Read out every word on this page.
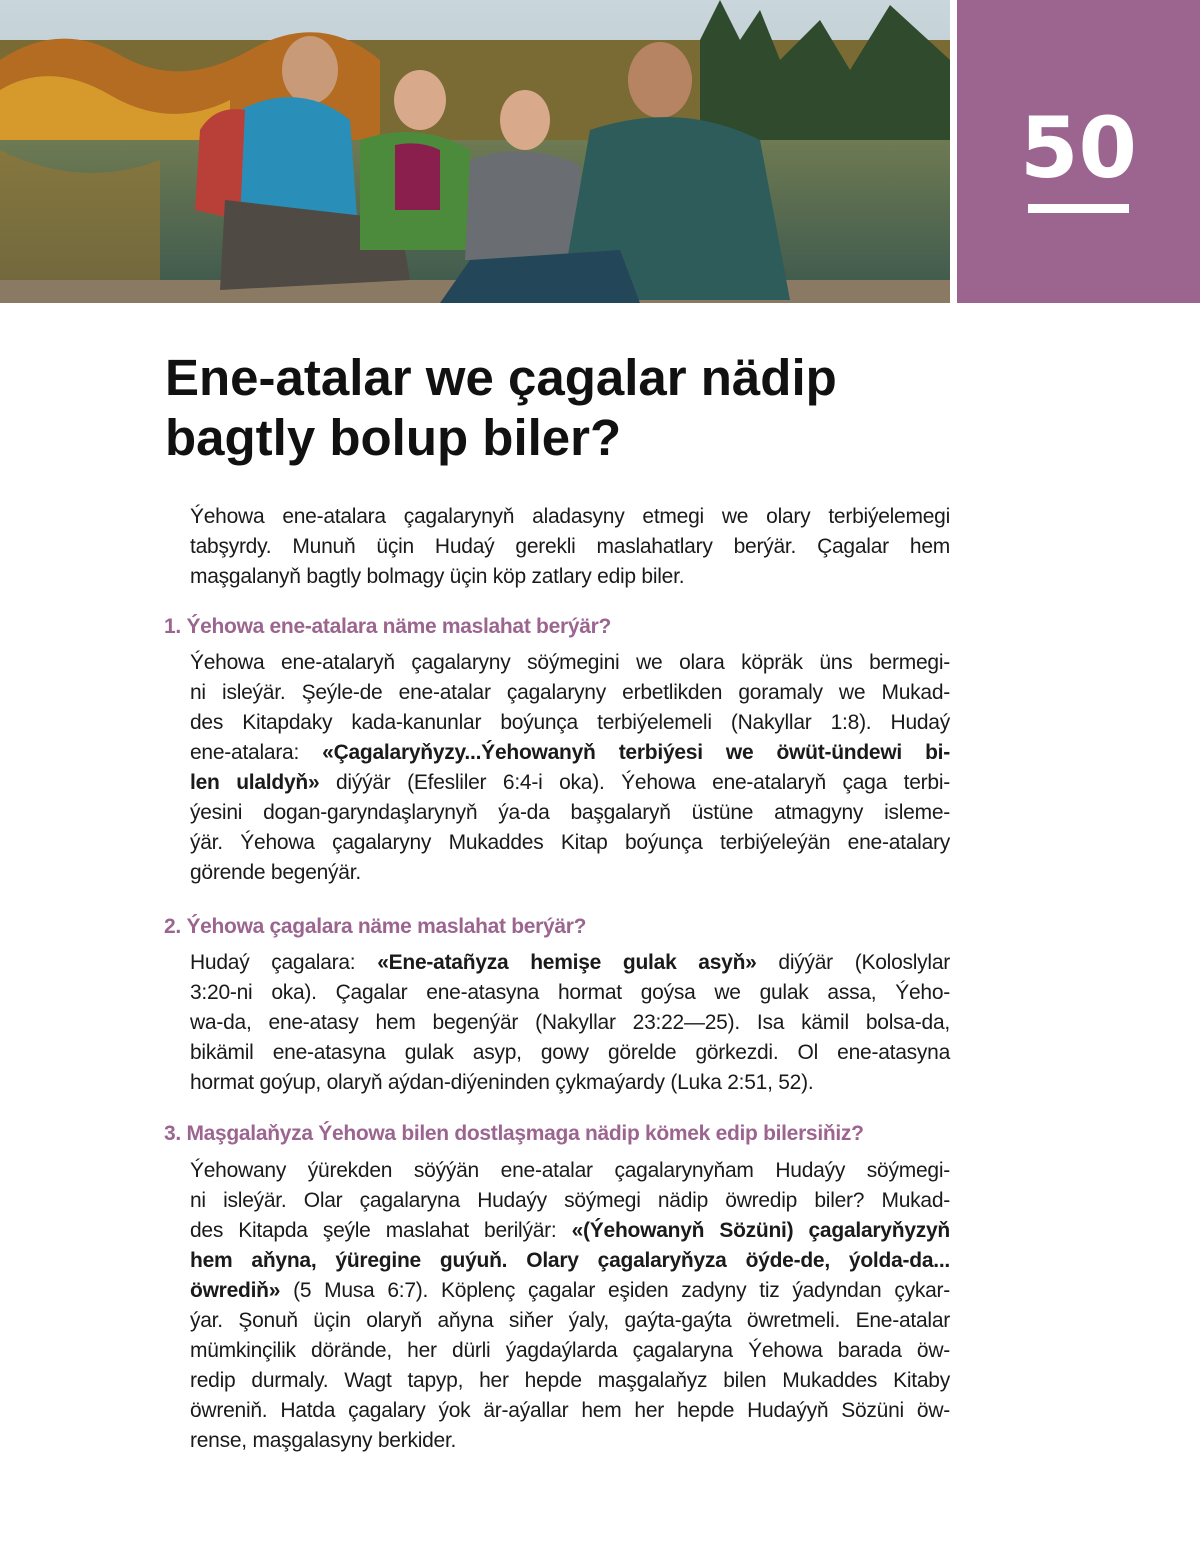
50
Ene-atalar we çagalar nädip
bagtly bolup biler?
Ýehowa ene-atalara çagalarynyň aladasyny etmegi we olary terbiýelemegi
tabşyrdy. Munuň üçin Hudaý gerekli maslahatlary berýär. Çagalar hem
maşgalanyň bagtly bolmagy üçin köp zatlary edip biler.
1. Ýehowa ene-atalara näme maslahat berýär?
Ýehowa ene-atalaryň çagalaryny söýmegini we olara köpräk üns bermegi-
ni isleýär. Şeýle-de ene-atalar çagalaryny erbetlikden goramaly we Mukad-
des Kitapdaky kada-kanunlar boýunça terbiýelemeli (Nakyllar 1:8). Hudaý
ene-atalara: «Çagalaryňyzy...Ýehowanyň terbiýesi we öwüt-ündewi bi-
len ulaldyň» diýýär (Efesliler 6:4-i oka). Ýehowa ene-atalaryň çaga terbi-
ýesini dogan-garyndaşlarynyň ýa-da başgalaryň üstüne atmagyny isleme-
ýär. Ýehowa çagalaryny Mukaddes Kitap boýunça terbiýeleýän ene-atalary
görende begenýär.
2. Ýehowa çagalara näme maslahat berýär?
Hudaý çagalara: «Ene-atañyza hemişe gulak asyň» diýýär (Koloslylar
3:20-ni oka). Çagalar ene-atasyna hormat goýsa we gulak assa, Ýeho-
wa-da, ene-atasy hem begenýär (Nakyllar 23:22—25). Isa kämil bolsa-da,
bikämil ene-atasyna gulak asyp, gowy görelde görkezdi. Ol ene-atasyna
hormat goýup, olaryň aýdan-diýeninden çykmaýardy (Luka 2:51, 52).
3. Maşgalaňyza Ýehowa bilen dostlaşmaga nädip kömek edip bilersiňiz?
Ýehowany ýürekden söýýän ene-atalar çagalarynyňam Hudaýy söýmegi-
ni isleýär. Olar çagalaryna Hudaýy söýmegi nädip öwredip biler? Mukad-
des Kitapda şeýle maslahat berilýär: «(Ýehowanyň Sözüni) çagalaryňyzyň
hem aňyna, ýüregine guýuň. Olary çagalaryňyza öýde-de, ýolda-da...
öwrediň» (5 Musa 6:7). Köplenç çagalar eşiden zadyny tiz ýadyndan çykar-
ýar. Şonuň üçin olaryň aňyna siňer ýaly, gaýta-gaýta öwretmeli. Ene-atalar
mümkinçilik dörände, her dürli ýagdaýlarda çagalaryna Ýehowa barada öw-
redip durmaly. Wagt tapyp, her hepde maşgalaňyz bilen Mukaddes Kitaby
öwreniň. Hatda çagalary ýok är-aýallar hem her hepde Hudaýyň Sözüni öw-
rense, maşgalasyny berkider.
